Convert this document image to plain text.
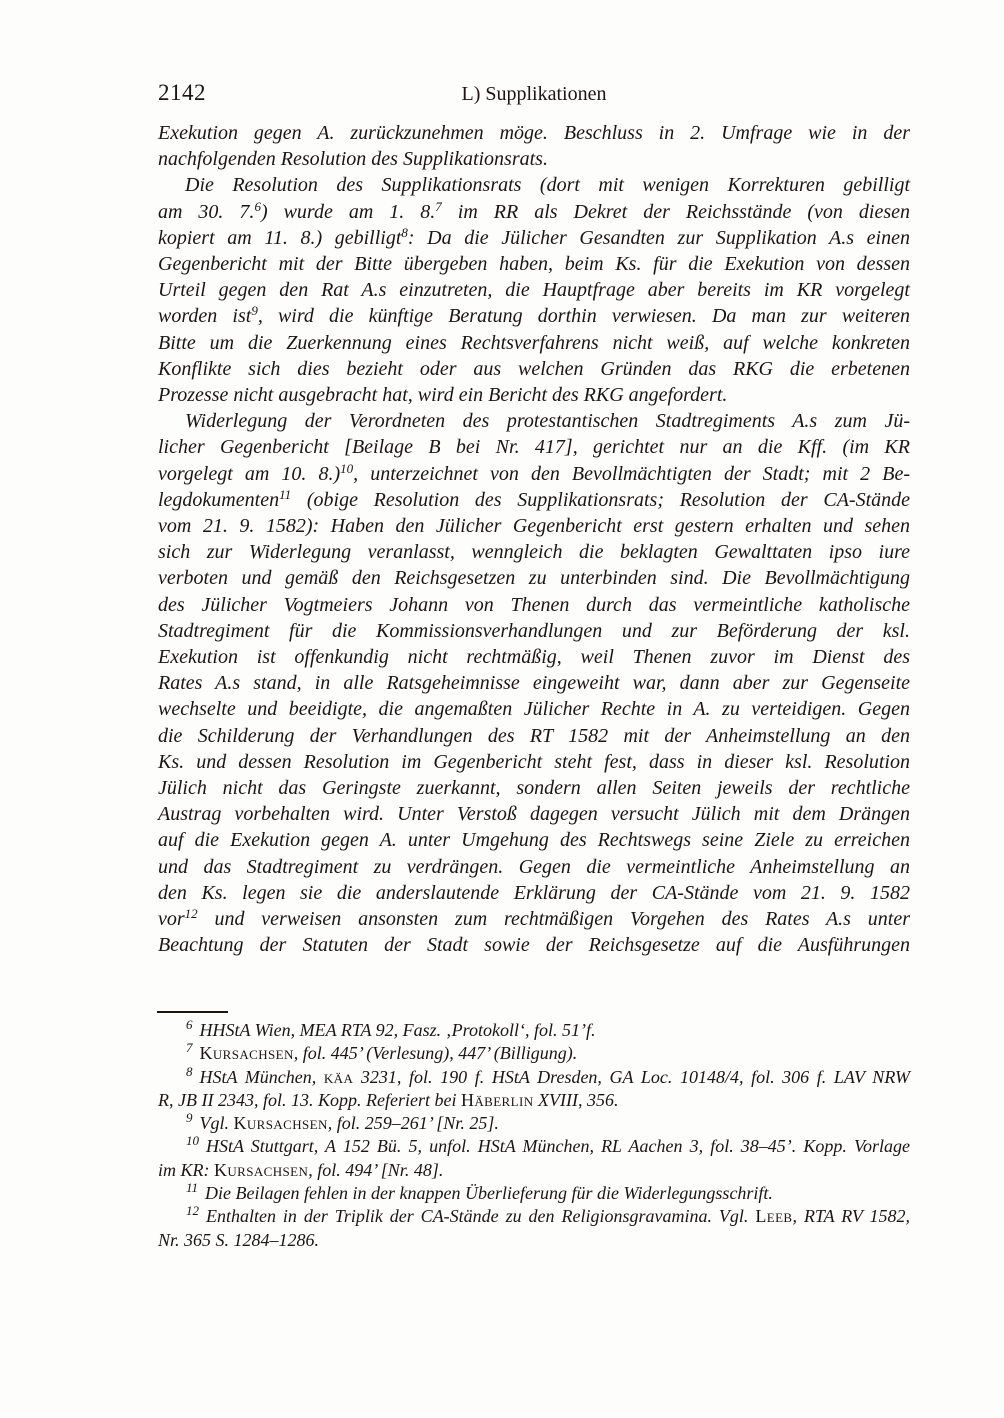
2142	L) Supplikationen
Exekution gegen A. zurückzunehmen möge. Beschluss in 2. Umfrage wie in der
nachfolgenden Resolution des Supplikationsrats.
Die Resolution des Supplikationsrats (dort mit wenigen Korrekturen gebilligt
am 30. 7.$^6$) wurde am 1. 8.$^7$ im RR als Dekret der Reichsstände (von diesen
kopiert am 11. 8.) gebilligt$^8$: Da die Jülicher Gesandten zur Supplikation A.s einen
Gegenbericht mit der Bitte übergeben haben, beim Ks. für die Exekution von dessen
Urteil gegen den Rat A.s einzutreten, die Hauptfrage aber bereits im KR vorgelegt
worden ist$^9$, wird die künftige Beratung dorthin verwiesen. Da man zur weiteren
Bitte um die Zuerkennung eines Rechtsverfahrens nicht weiß, auf welche konkreten
Konflikte sich dies bezieht oder aus welchen Gründen das RKG die erbetenen
Prozesse nicht ausgebracht hat, wird ein Bericht des RKG angefordert.
Widerlegung der Verordneten des protestantischen Stadtregiments A.s zum Jü-
licher Gegenbericht [Beilage B bei Nr. 417], gerichtet nur an die Kff. (im KR
vorgelegt am 10. 8.)$^{10}$, unterzeichnet von den Bevollmächtigten der Stadt; mit 2 Be-
legdokumenten$^{11}$ (obige Resolution des Supplikationsrats; Resolution der CA-Stände
vom 21. 9. 1582): Haben den Jülicher Gegenbericht erst gestern erhalten und sehen
sich zur Widerlegung veranlasst, wenngleich die beklagten Gewalttaten ipso iure
verboten und gemäß den Reichsgesetzen zu unterbinden sind. Die Bevollmächtigung
des Jülicher Vogtmeiers Johann von Thenen durch das vermeintliche katholische
Stadtregiment für die Kommissionsverhandlungen und zur Beförderung der ksl.
Exekution ist offenkundig nicht rechtmäßig, weil Thenen zuvor im Dienst des
Rates A.s stand, in alle Ratsgeheimnisse eingeweiht war, dann aber zur Gegenseite
wechselte und beeidigte, die angemaßten Jülicher Rechte in A. zu verteidigen. Gegen
die Schilderung der Verhandlungen des RT 1582 mit der Anheimstellung an den
Ks. und dessen Resolution im Gegenbericht steht fest, dass in dieser ksl. Resolution
Jülich nicht das Geringste zuerkannt, sondern allen Seiten jeweils der rechtliche
Austrag vorbehalten wird. Unter Verstoß dagegen versucht Jülich mit dem Drängen
auf die Exekution gegen A. unter Umgehung des Rechtswegs seine Ziele zu erreichen
und das Stadtregiment zu verdrängen. Gegen die vermeintliche Anheimstellung an
den Ks. legen sie die anderslautende Erklärung der CA-Stände vom 21. 9. 1582
vor$^{12}$ und verweisen ansonsten zum rechtmäßigen Vorgehen des Rates A.s unter
Beachtung der Statuten der Stadt sowie der Reichsgesetze auf die Ausführungen
$^6$ HHStA Wien, MEA RTA 92, Fasz. ‚Protokoll‘, fol. 51’f.
$^7$ Kursachsen, fol. 445’ (Verlesung), 447’ (Billigung).
$^8$ HStA München, käa 3231, fol. 190 f. HStA Dresden, GA Loc. 10148/4, fol. 306 f. LAV NRW
R, JB II 2343, fol. 13. Kopp. Referiert bei Häberlin XVIII, 356.
$^9$ Vgl. Kursachsen, fol. 259–261’ [Nr. 25].
$^{10}$ HStA Stuttgart, A 152 Bü. 5, unfol. HStA München, RL Aachen 3, fol. 38–45’. Kopp. Vorlage
im KR: Kursachsen, fol. 494’ [Nr. 48].
$^{11}$ Die Beilagen fehlen in der knappen Überlieferung für die Widerlegungsschrift.
$^{12}$ Enthalten in der Triplik der CA-Stände zu den Religionsgravamina. Vgl. Leeb, RTA RV 1582,
Nr. 365 S. 1284–1286.
